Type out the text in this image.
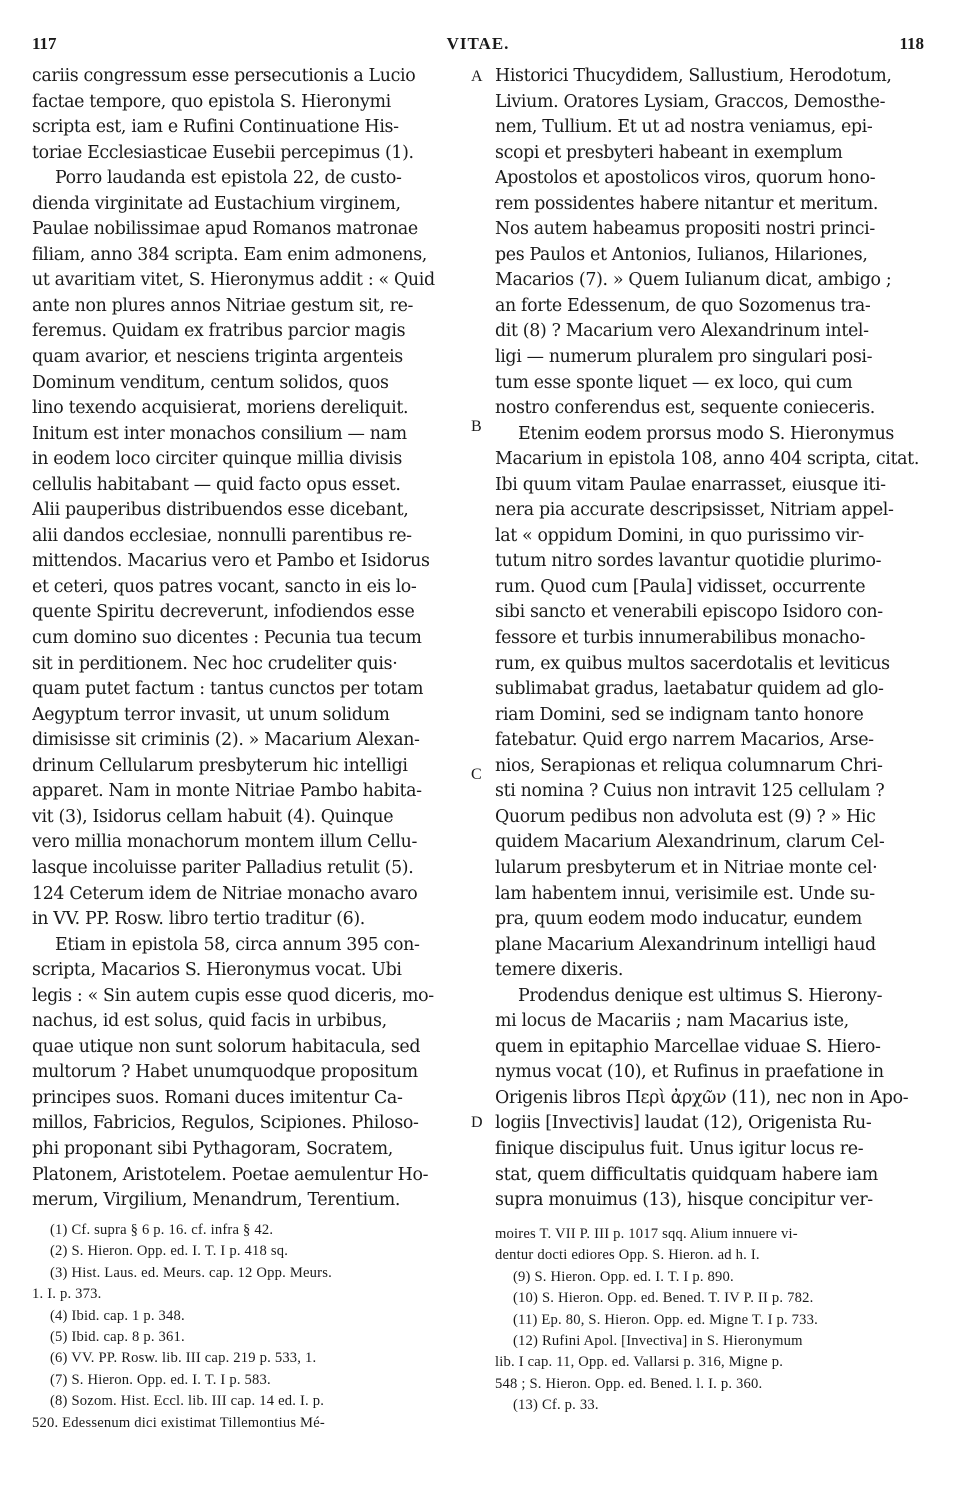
117	VITAE.	118
cariis congressum esse persecutionis a Lucio
factae tempore, quo epistola S. Hieronymi
scripta est, iam e Rufini Continuatione His-
toriae Ecclesiasticae Eusebii percepimus (1).
Porro laudanda est epistola 22, de custo-
dienda virginitate ad Eustachium virginem,
Paulae nobilissimae apud Romanos matronae
filiam, anno 384 scripta. Eam enim admonens,
ut avaritiam vitet, S. Hieronymus addit : « Quid
ante non plures annos Nitriae gestum sit, re-
feremus. Quidam ex fratribus parcior magis
quam avarior, et nesciens triginta argenteis
Dominum venditum, centum solidos, quos
lino texendo acquisierat, moriens dereliquit.
Initum est inter monachos consilium — nam
in eodem loco circiter quinque millia divisis
cellulis habitabant — quid facto opus esset.
Alii pauperibus distribuendos esse dicebant,
alii dandos ecclesiae, nonnulli parentibus re-
mittendos. Macarius vero et Pambo et Isidorus
et ceteri, quos patres vocant, sancto in eis lo-
quente Spiritu decreverunt, infodiendos esse
cum domino suo dicentes : Pecunia tua tecum
sit in perditionem. Nec hoc crudeliter quis·
quam putet factum : tantus cunctos per totam
Aegyptum terror invasit, ut unum solidum
dimisisse sit criminis (2). » Macarium Alexan-
drinum Cellularum presbyterum hic intelligi
apparet. Nam in monte Nitriae Pambo habita-
vit (3), Isidorus cellam habuit (4). Quinque
vero millia monachorum montem illum Cellu-
lasque incoluisse pariter Palladius retulit (5).
124 Ceterum idem de Nitriae monacho avaro
in VV. PP. Rosw. libro tertio traditur (6).
Etiam in epistola 58, circa annum 395 con-
scripta, Macarios S. Hieronymus vocat. Ubi
legis : « Sin autem cupis esse quod diceris, mo-
nachus, id est solus, quid facis in urbibus,
quae utique non sunt solorum habitacula, sed
multorum ? Habet unumquodque propositum
principes suos. Romani duces imitentur Ca-
millos, Fabricios, Regulos, Scipiones. Philoso-
phi proponant sibi Pythagoram, Socratem,
Platonem, Aristotelem. Poetae aemulentur Ho-
merum, Virgilium, Menandrum, Terentium.
Historici Thucydidem, Sallustium, Herodotum,
Livium. Oratores Lysiam, Graccos, Demosthe-
nem, Tullium. Et ut ad nostra veniamus, epi-
scopi et presbyteri habeant in exemplum
Apostolos et apostolicos viros, quorum hono-
rem possidentes habere nitantur et meritum.
Nos autem habeamus propositi nostri princi-
pes Paulos et Antonios, Iulianos, Hilariones,
Macarios (7). » Quem Iulianum dicat, ambigo ;
an forte Edessenum, de quo Sozomenus tra-
dit (8) ? Macarium vero Alexandrinum intel-
ligi — numerum pluralem pro singulari posi-
tum esse sponte liquet — ex loco, qui cum
nostro conferendus est, sequente conieceris.
Etenim eodem prorsus modo S. Hieronymus
Macarium in epistola 108, anno 404 scripta, citat.
Ibi quum vitam Paulae enarrasset, eiusque iti-
nera pia accurate descripsisset, Nitriam appel-
lat « oppidum Domini, in quo purissimo vir-
tutum nitro sordes lavantur quotidie plurimo-
rum. Quod cum [Paula] vidisset, occurrente
sibi sancto et venerabili episcopo Isidoro con-
fessore et turbis innumerabilibus monacho-
rum, ex quibus multos sacerdotalis et leviticus
sublimabat gradus, laetabatur quidem ad glo-
riam Domini, sed se indignam tanto honore
fatebatur. Quid ergo narrem Macarios, Arse-
nios, Serapionas et reliqua columnarum Chri-
sti nomina ? Cuius non intravit 125 cellulam ?
Quorum pedibus non advoluta est (9) ? » Hic
quidem Macarium Alexandrinum, clarum Cel-
lularum presbyterum et in Nitriae monte cel·
lam habentem innui, verisimile est. Unde su-
pra, quum eodem modo inducatur, eundem
plane Macarium Alexandrinum intelligi haud
temere dixeris.
Prodendus denique est ultimus S. Hierony-
mi locus de Macariis ; nam Macarius iste,
quem in epitaphio Marcellae viduae S. Hiero-
nymus vocat (10), et Rufinus in praefatione in
Origenis libros Περὶ ἀρχῶν (11), nec non in Apo-
logiis [Invectivis] laudat (12), Origenista Ru-
finique discipulus fuit. Unus igitur locus re-
stat, quem difficultatis quidquam habere iam
supra monuimus (13), hisque concipitur ver-
A
B
C
D
(1) Cf. supra § 6 p. 16. cf. infra § 42.
(2) S. Hieron. Opp. ed. I. T. I p. 418 sq.
(3) Hist. Laus. ed. Meurs. cap. 12 Opp. Meurs.
1. I. p. 373.
(4) Ibid. cap. 1 p. 348.
(5) Ibid. cap. 8 p. 361.
(6) VV. PP. Rosw. lib. III cap. 219 p. 533, 1.
(7) S. Hieron. Opp. ed. I. T. I p. 583.
(8) Sozom. Hist. Eccl. lib. III cap. 14 ed. I. p.
520. Edessenum dici existimat Tillemontius Mé-
moires T. VII P. III p. 1017 sqq. Alium innuere vi-
dentur docti ediores Opp. S. Hieron. ad h. I.
(9) S. Hieron. Opp. ed. I. T. I p. 890.
(10) S. Hieron. Opp. ed. Bened. T. IV P. II p. 782.
(11) Ep. 80, S. Hieron. Opp. ed. Migne T. I p. 733.
(12) Rufini Apol. [Invectiva] in S. Hieronymum
lib. I cap. 11, Opp. ed. Vallarsi p. 316, Migne p.
548 ; S. Hieron. Opp. ed. Bened. l. I. p. 360.
(13) Cf. p. 33.
